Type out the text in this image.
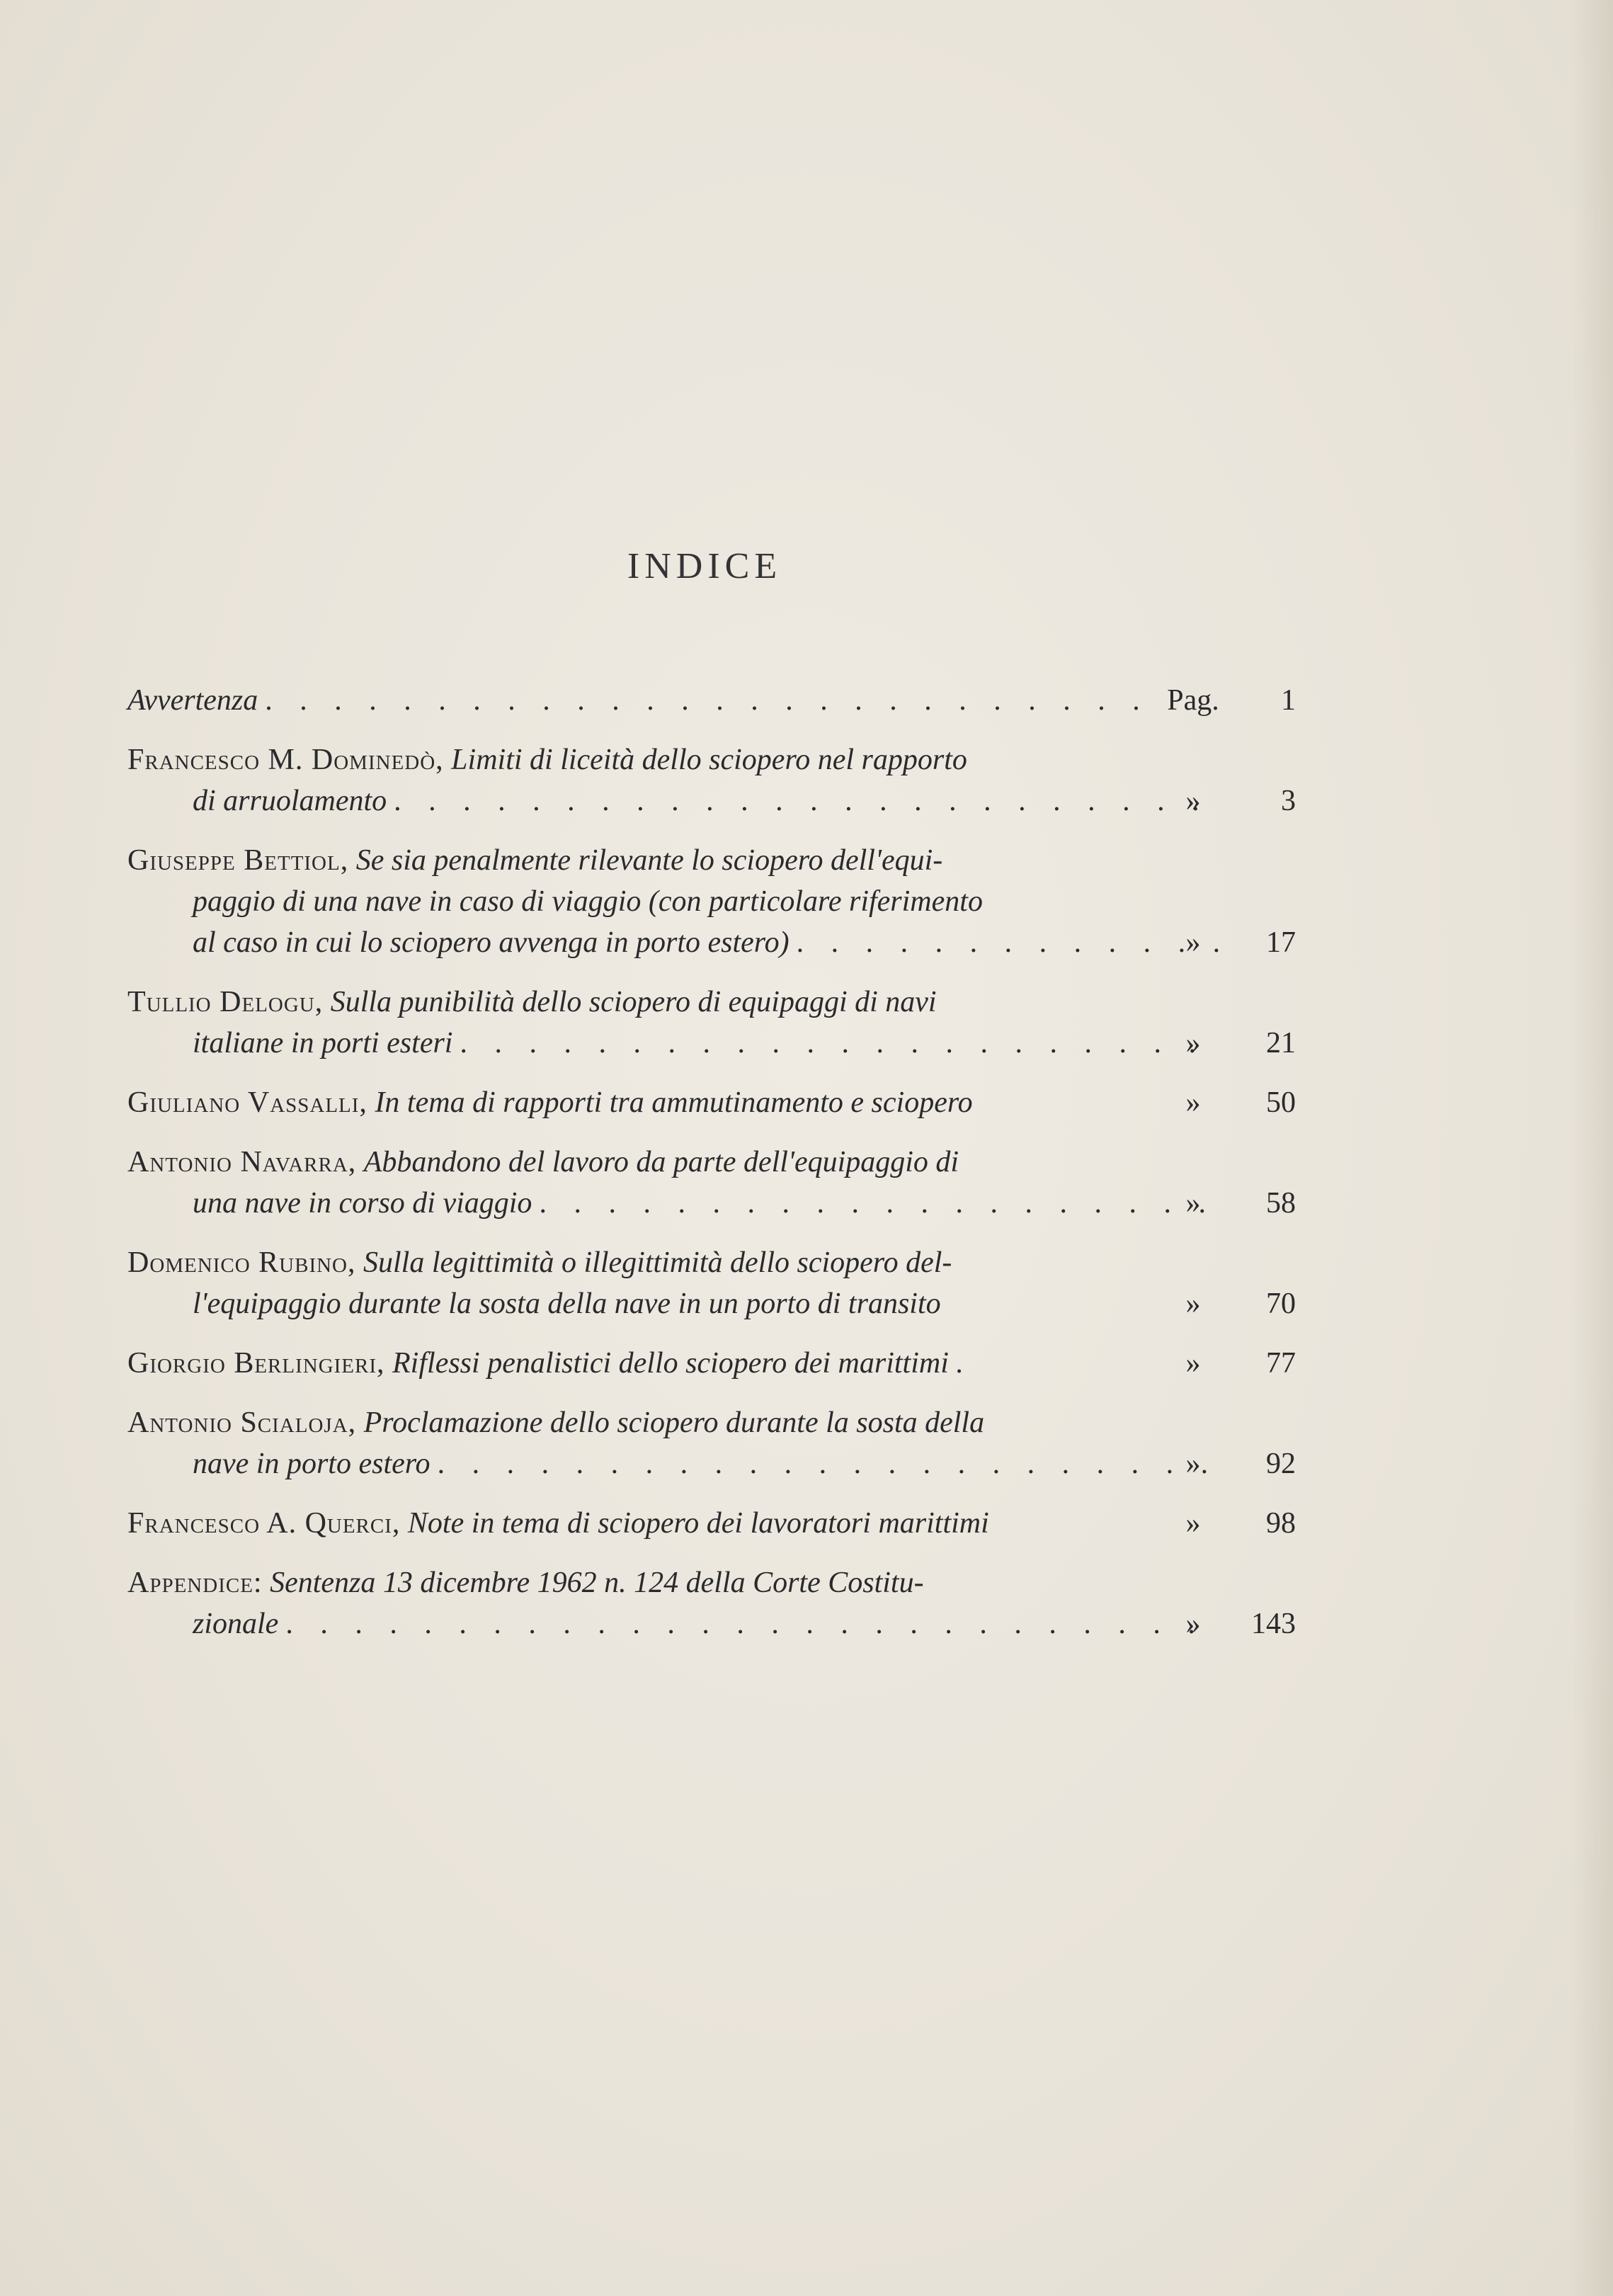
INDICE
Avvertenza . . .	Pag.	1
Francesco M. Dominedò,
Limiti di liceità dello sciopero nel rapporto
di arruolamento . . .	»	3
Giuseppe Bettiol,
Se sia penalmente rilevante lo sciopero dell'equi-
paggio di una nave in caso di viaggio (con particolare riferimento
al caso in cui lo sciopero avvenga in porto estero) . . .	»	17
Tullio Delogu,
Sulla punibilità dello sciopero di equipaggi di navi
italiane in porti esteri . . .	»	21
Giuliano Vassalli,
In tema di rapporti tra ammutinamento e sciopero	»	50
Antonio Navarra,
Abbandono del lavoro da parte dell'equipaggio di
una nave in corso di viaggio . . .	»	58
Domenico Rubino,
Sulla legittimità o illegittimità dello sciopero del-
l'equipaggio durante la sosta della nave in un porto di transito	»	70
Giorgio Berlingieri,
Riflessi penalistici dello sciopero dei marittimi .	»	77
Antonio Scialoja,
Proclamazione dello sciopero durante la sosta della
nave in porto estero . . .	»	92
Francesco A. Querci,
Note in tema di sciopero dei lavoratori marittimi	»	98
Appendice:
Sentenza 13 dicembre 1962 n. 124 della Corte Costitu-
zionale . . .	»	143
